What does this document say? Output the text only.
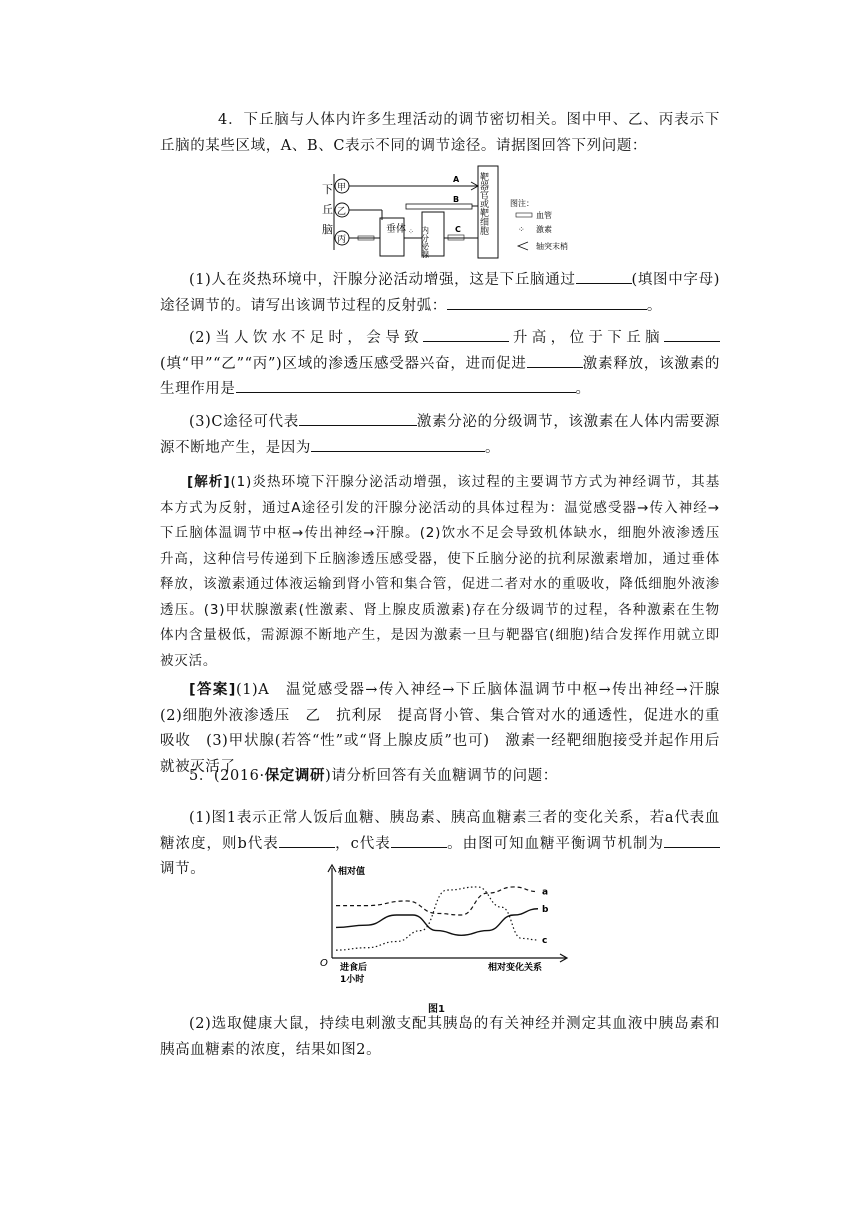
4．下丘脑与人体内许多生理活动的调节密切相关。图中甲、乙、丙表示下丘脑的某些区域，A、B、C表示不同的调节途径。请据图回答下列问题：

下
丘
脑
甲
乙
丙
A
B
垂体 ⁘ 内分泌腺	C 靶器官或靶细胞	图注：
血管
⁘ 激素
轴突末梢

(1)人在炎热环境中，汗腺分泌活动增强，这是下丘脑通过	(填图中字母)途径调节的。请写出该调节过程的反射弧：	。

(2)当人饮水不足时，会导致	升高，位于下丘脑(填“甲”“乙”“丙”)区域的渗透压感受器兴奋，进而促进	激素释放，该激素的生理作用是	。

(3)C途径可代表	激素分泌的分级调节，该激素在人体内需要源源不断地产生，是因为	。

[解析](1)炎热环境下汗腺分泌活动增强，该过程的主要调节方式为神经调节，其基本方式为反射，通过A途径引发的汗腺分泌活动的具体过程为：温觉感受器→传入神经→下丘脑体温调节中枢→传出神经→汗腺。(2)饮水不足会导致机体缺水，细胞外液渗透压升高，这种信号传递到下丘脑渗透压感受器，使下丘脑分泌的抗利尿激素增加，通过垂体释放，该激素通过体液运输到肾小管和集合管，促进二者对水的重吸收，降低细胞外液渗透压。(3)甲状腺激素(性激素、肾上腺皮质激素)存在分级调节的过程，各种激素在生物体内含量极低，需源源不断地产生，是因为激素一旦与靶器官(细胞)结合发挥作用就立即被灭活。

[答案](1)A　温觉感受器→传入神经→下丘脑体温调节中枢→传出神经→汗腺　(2)细胞外液渗透压　乙　抗利尿　提高肾小管、集合管对水的通透性，促进水的重吸收　(3)甲状腺(若答“性”或“肾上腺皮质”也可)　激素一经靶细胞接受并起作用后就被灭活了

5．(2016·保定调研)请分析回答有关血糖调节的问题：

(1)图1表示正常人饭后血糖、胰岛素、胰高血糖素三者的变化关系，若a代表血糖浓度，则b代表	，c代表	。由图可知血糖平衡调节机制为调节。	相对值
O 进食后
1小时
相对变化关系
a
b
c
图1

(2)选取健康大鼠，持续电刺激支配其胰岛的有关神经并测定其血液中胰岛素和胰高血糖素的浓度，结果如图2。
